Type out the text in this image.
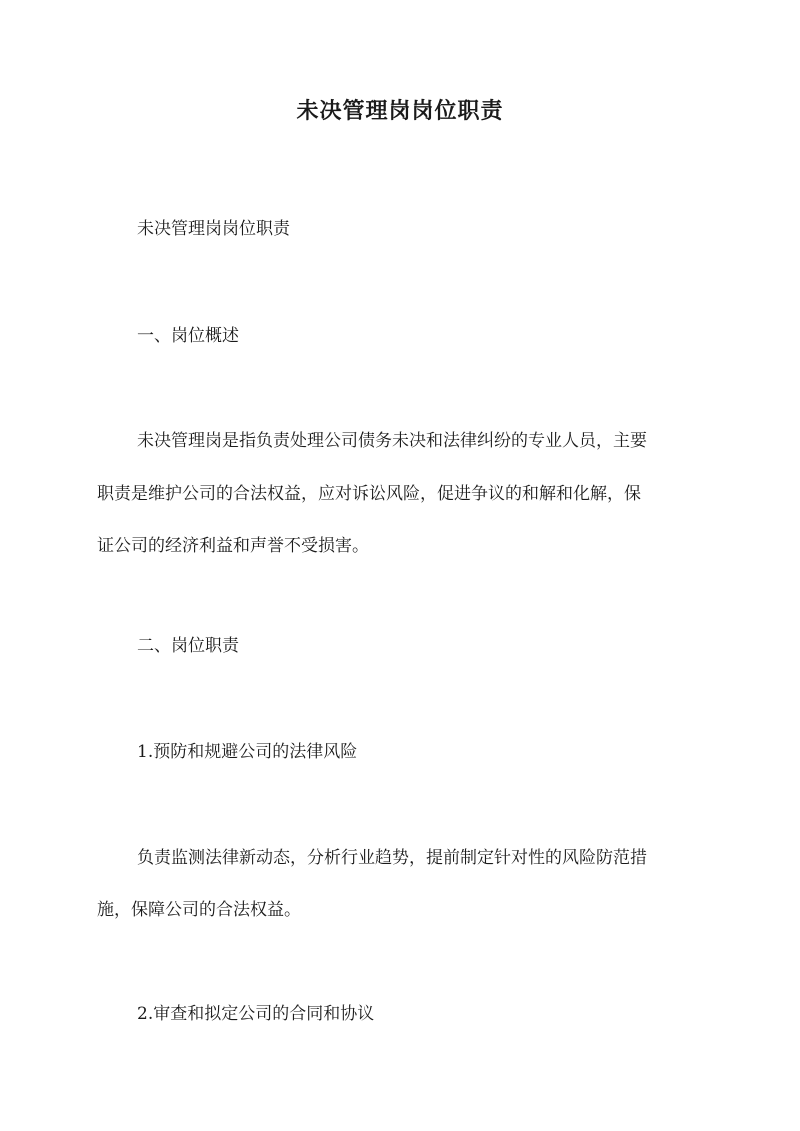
未决管理岗岗位职责
未决管理岗岗位职责
一、岗位概述
未决管理岗是指负责处理公司债务未决和法律纠纷的专业人员，主要
职责是维护公司的合法权益，应对诉讼风险，促进争议的和解和化解，保
证公司的经济利益和声誉不受损害。
二、岗位职责
1.预防和规避公司的法律风险
负责监测法律新动态，分析行业趋势，提前制定针对性的风险防范措
施，保障公司的合法权益。
2.审查和拟定公司的合同和协议
